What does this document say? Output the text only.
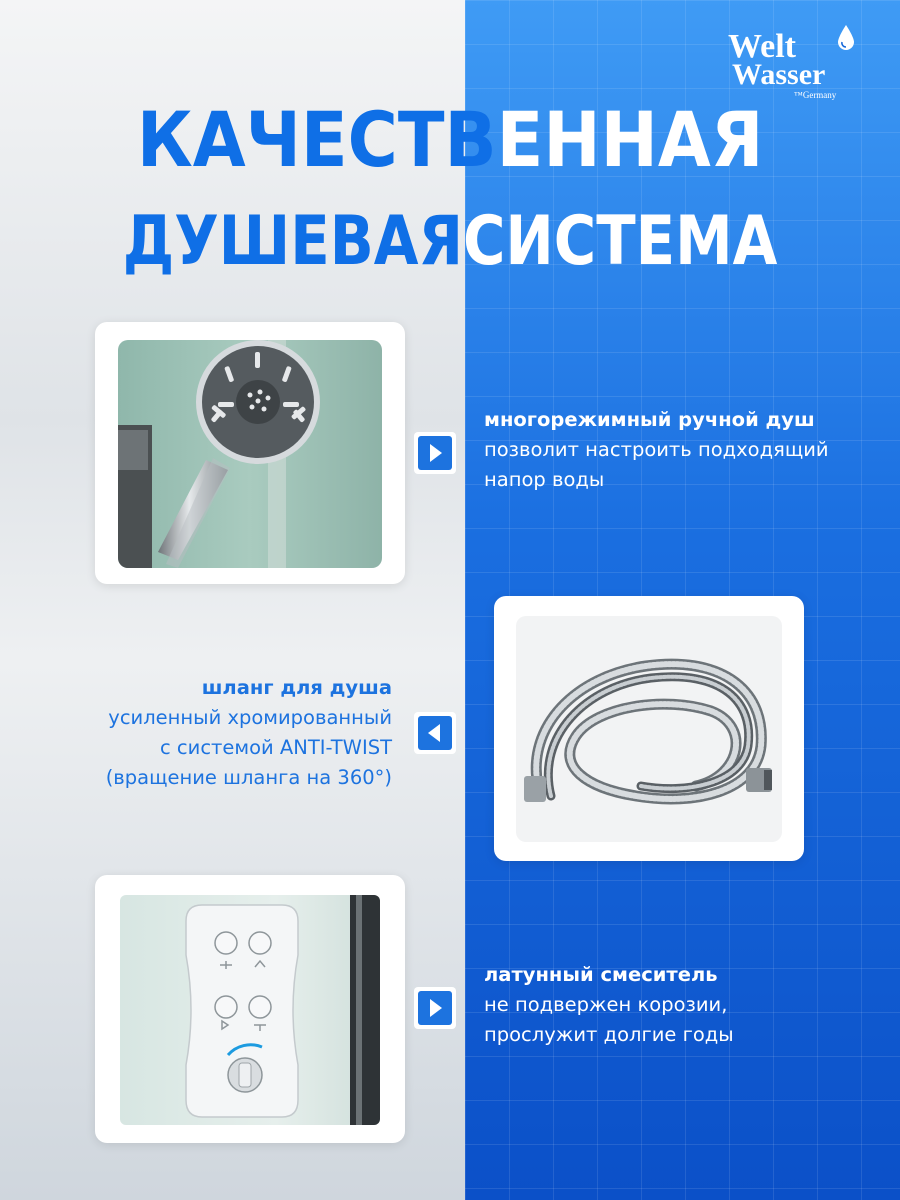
Welt
Wasser
™Germany
КАЧЕСТВЕННАЯ
ДУШЕВАЯСИСТЕМА
многорежимный ручной душ
позволит настроить подходящий
напор воды
шланг для душа
усиленный хромированный
с системой ANTI-TWIST
(вращение шланга на 360°)
латунный смеситель
не подвержен корозии,
прослужит долгие годы
